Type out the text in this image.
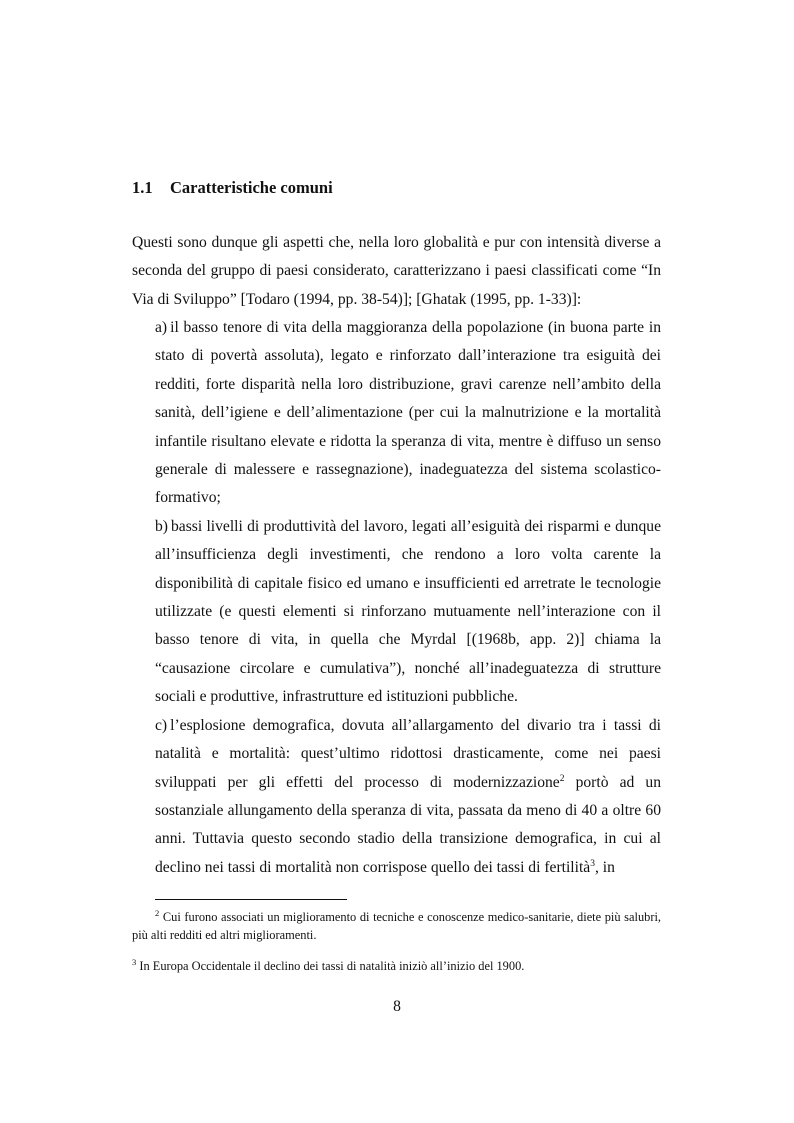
1.1 Caratteristiche comuni

Questi sono dunque gli aspetti che, nella loro globalità e pur con intensità diverse a seconda del gruppo di paesi considerato, caratterizzano i paesi classificati come “In Via di Sviluppo” [Todaro (1994, pp. 38-54)]; [Ghatak (1995, pp. 1-33)]:

a) il basso tenore di vita della maggioranza della popolazione (in buona parte in stato di povertà assoluta), legato e rinforzato dall’interazione tra esiguità dei redditi, forte disparità nella loro distribuzione, gravi carenze nell’ambito della sanità, dell’igiene e dell’alimentazione (per cui la malnutrizione e la mortalità infantile risultano elevate e ridotta la speranza di vita, mentre è diffuso un senso generale di malessere e rassegnazione), inadeguatezza del sistema scolastico-formativo;
b) bassi livelli di produttività del lavoro, legati all’esiguità dei risparmi e dunque all’insufficienza degli investimenti, che rendono a loro volta carente la disponibilità di capitale fisico ed umano e insufficienti ed arretrate le tecnologie utilizzate (e questi elementi si rinforzano mutuamente nell’interazione con il basso tenore di vita, in quella che Myrdal [(1968b, app. 2)] chiama la “causazione circolare e cumulativa”), nonché all’inadeguatezza di strutture sociali e produttive, infrastrutture ed istituzioni pubbliche.
c) l’esplosione demografica, dovuta all’allargamento del divario tra i tassi di natalità e mortalità: quest’ultimo ridottosi drasticamente, come nei paesi sviluppati per gli effetti del processo di modernizzazione$^2$ portò ad un sostanziale allungamento della speranza di vita, passata da meno di 40 a oltre 60 anni. Tuttavia questo secondo stadio della transizione demografica, in cui al declino nei tassi di mortalità non corrispose quello dei tassi di fertilità$^3$, in
$^2$ Cui furono associati un miglioramento di tecniche e conoscenze medico-sanitarie, diete più salubri, più alti redditi ed altri miglioramenti.
$^3$ In Europa Occidentale il declino dei tassi di natalità iniziò all’inizio del 1900.
8
